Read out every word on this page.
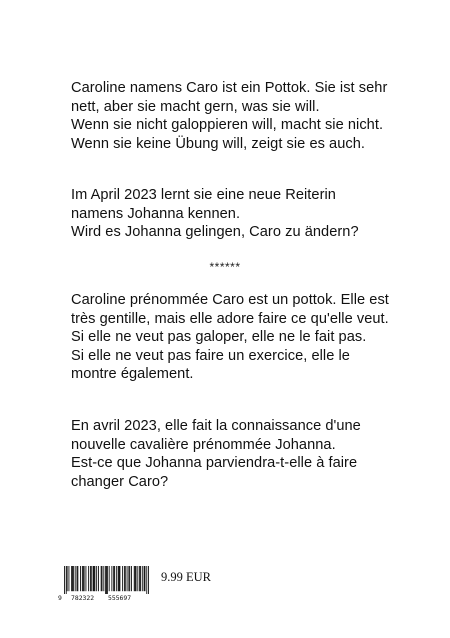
Caroline namens Caro ist ein Pottok. Sie ist sehr nett, aber sie macht gern, was sie will.

Wenn sie nicht galoppieren will, macht sie nicht.

Wenn sie keine Übung will, zeigt sie es auch.

Im April 2023 lernt sie eine neue Reiterin namens Johanna kennen.

Wird es Johanna gelingen, Caro zu ändern?

******

Caroline prénommée Caro est un pottok. Elle est très gentille, mais elle adore faire ce qu'elle veut.

Si elle ne veut pas galoper, elle ne le fait pas.

Si elle ne veut pas faire un exercice, elle le montre également.

En avril 2023, elle fait la connaissance d'une nouvelle cavalière prénommée Johanna.

Est-ce que Johanna parviendra-t-elle à faire changer Caro?

9 782322 555697
9.99 EUR
